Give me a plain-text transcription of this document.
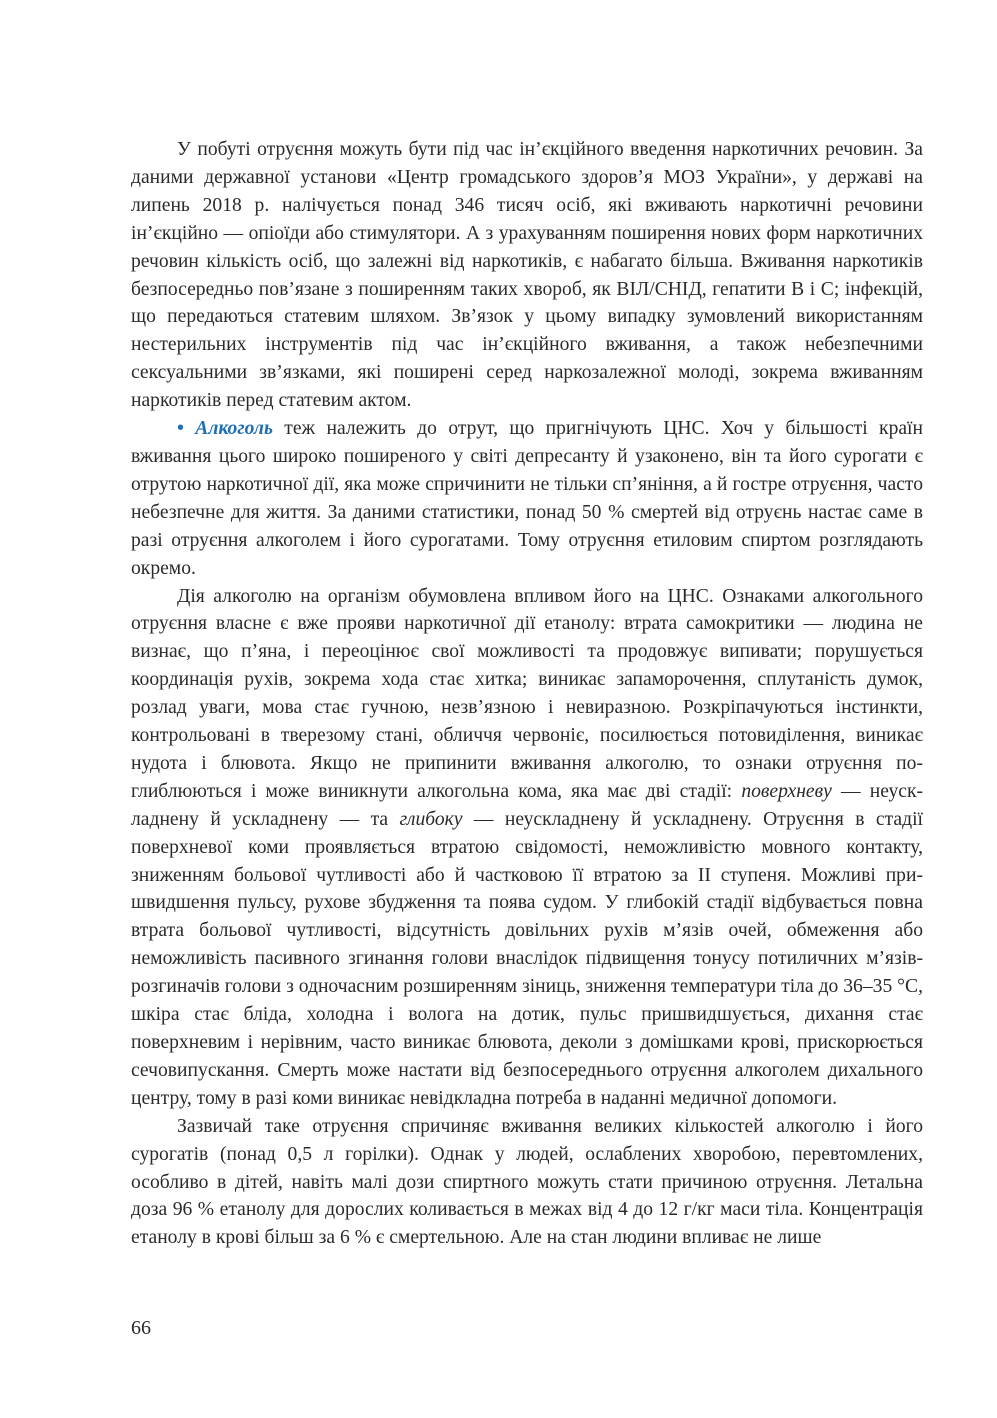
У побуті отруєння можуть бути під час ін’єкційного введення наркотичних речовин. За даними державної установи «Центр громадського здоров’я МОЗ України», у державі на липень 2018 р. налічується понад 346 тисяч осіб, які вживають наркотичні речовини ін’єкційно — опіоїди або стимулятори. А з урахуванням поширення нових форм наркотичних речовин кількість осіб, що залежні від наркотиків, є набагато більша. Вживання наркотиків безпосередньо пов’язане з поширенням таких хвороб, як ВІЛ/СНІД, гепатити В і С; інфекцій, що передаються статевим шляхом. Зв’язок у цьому випадку зумовлений використанням нестерильних інструментів під час ін’єкційного вживання, а також небезпечними сексуальними зв’язками, які поширені серед наркозалежної молоді, зокрема вживанням наркотиків перед статевим актом.

• Алкоголь теж належить до отрут, що пригнічують ЦНС. Хоч у більшості країн вживання цього широко поширеного у світі депресанту й узаконено, він та його сурогати є отрутою наркотичної дії, яка може спричинити не тільки сп’яніння, а й гостре отруєння, часто небезпечне для життя. За даними статистики, понад 50 % смертей від отруєнь настає саме в разі отруєння алкоголем і його сурогатами. Тому отруєння етиловим спиртом розглядають окремо.

Дія алкоголю на організм обумовлена впливом його на ЦНС. Ознаками алкогольного отруєння власне є вже прояви наркотичної дії етанолу: втрата самокритики — людина не визнає, що п’яна, і переоцінює свої можливості та продовжує випивати; порушується координація рухів, зокрема хода стає хитка; виникає запаморочення, сплутаність думок, розлад уваги, мова стає гучною, незв’язною і невиразною. Розкріпачуються інстинкти, контрольовані в тверезому стані, обличчя червоніє, посилюється потовиділення, виникає нудота і блювота. Якщо не припинити вживання алкоголю, то ознаки отруєння поглиблюються і може виникнути алкогольна кома, яка має дві стадії: поверхневу — неускладнену й ускладнену — та глибоку — неускладнену й ускладнену. Отруєння в стадії поверхневої коми проявляється втратою свідомості, неможливістю мовного контакту, зниженням больової чутливості або й частковою її втратою за ІІ ступеня. Можливі пришвидшення пульсу, рухове збудження та поява судом. У глибокій стадії відбувається повна втрата больової чутливості, відсутність довільних рухів м’язів очей, обмеження або неможливість пасивного згинання голови внаслідок підвищення тонусу потиличних м’язів-розгиначів голови з одночасним розширенням зіниць, зниження температури тіла до 36–35 °С, шкіра стає бліда, холодна і волога на дотик, пульс пришвидшується, дихання стає поверхневим і нерівним, часто виникає блювота, деколи з домішками крові, прискорюється сечовипускання. Смерть може настати від безпосереднього отруєння алкоголем дихального центру, тому в разі коми виникає невідкладна потреба в наданні медичної допомоги.

Зазвичай таке отруєння спричиняє вживання великих кількостей алкоголю і його сурогатів (понад 0,5 л горілки). Однак у людей, ослаблених хворобою, перевтомлених, особливо в дітей, навіть малі дози спиртного можуть стати причиною отруєння. Летальна доза 96 % етанолу для дорослих коливається в межах від 4 до 12 г/кг маси тіла. Концентрація етанолу в крові більш за 6 % є смертельною. Але на стан людини впливає не лише

66
